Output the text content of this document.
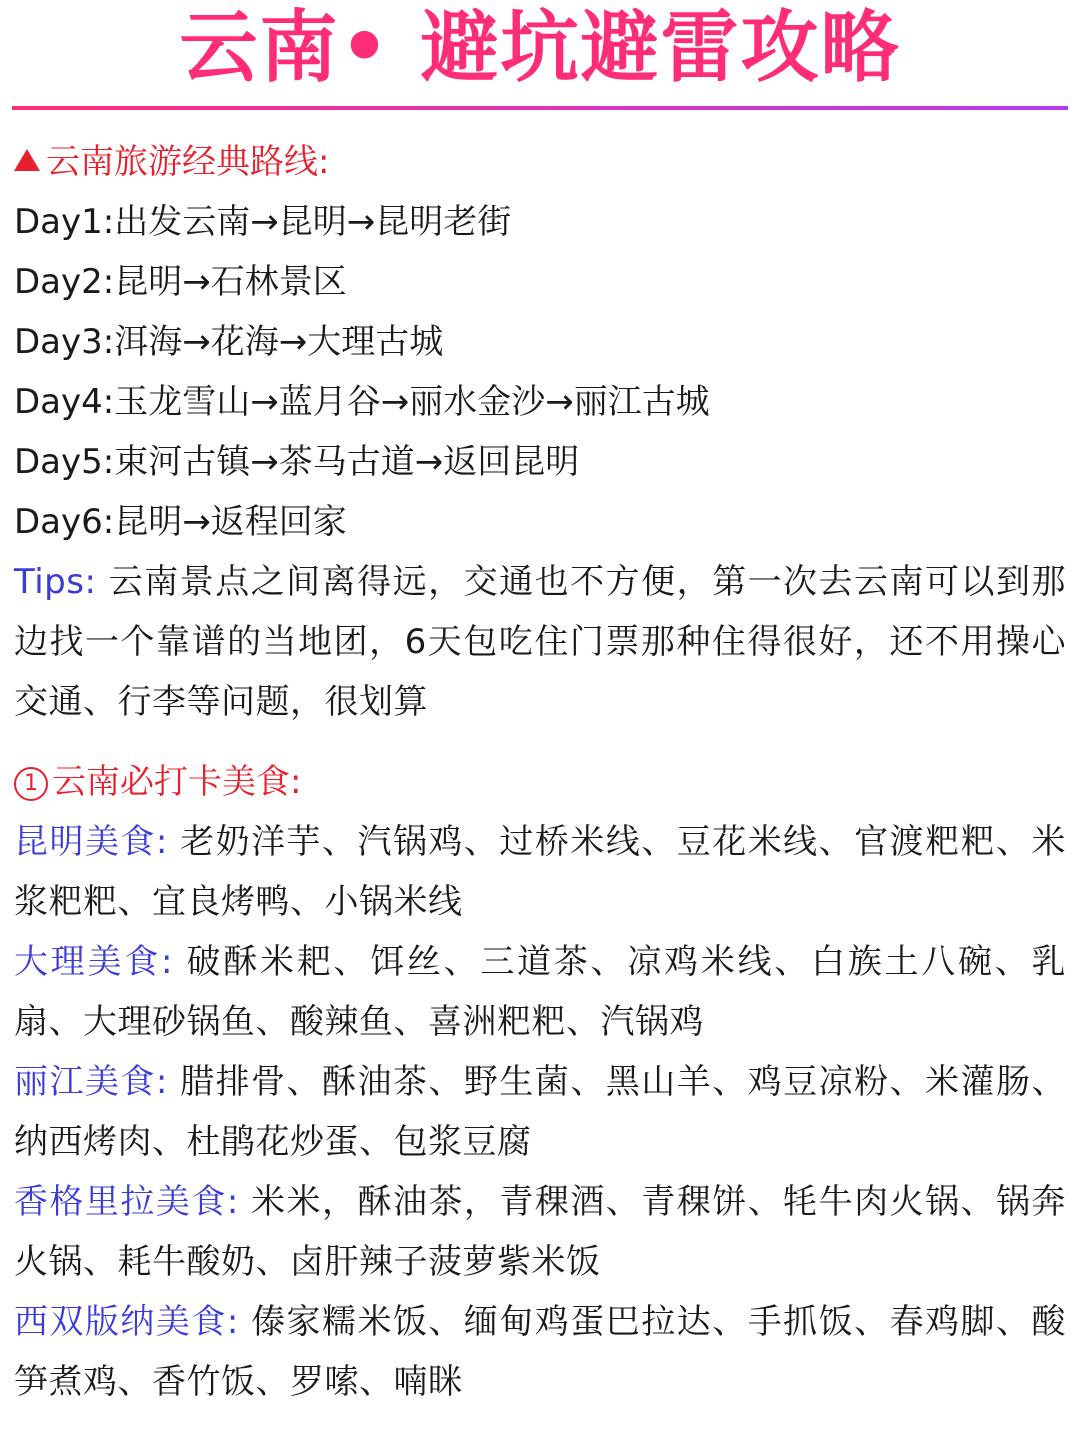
云南• 避坑避雷攻略
云南旅游经典路线:
Day1:出发云南→昆明→昆明老街
Day2:昆明→石林景区
Day3:洱海→花海→大理古城
Day4:玉龙雪山→蓝月谷→丽水金沙→丽江古城
Day5:束河古镇→茶马古道→返回昆明
Day6:昆明→返程回家
Tips: 云南景点之间离得远，交通也不方便，第一次去云南可以到那边找一个靠谱的当地团，6天包吃住门票那种住得很好，还不用操心交通、行李等问题，很划算
1 云南必打卡美食:
昆明美食: 老奶洋芋、汽锅鸡、过桥米线、豆花米线、官渡粑粑、米浆粑粑、宜良烤鸭、小锅米线
大理美食: 破酥米耙、饵丝、三道茶、凉鸡米线、白族土八碗、乳扇、大理砂锅鱼、酸辣鱼、喜洲粑粑、汽锅鸡
丽江美食: 腊排骨、酥油茶、野生菌、黑山羊、鸡豆凉粉、米灌肠、纳西烤肉、杜鹃花炒蛋、包浆豆腐
香格里拉美食: 米米，酥油茶，青稞酒、青稞饼、牦牛肉火锅、锅奔火锅、耗牛酸奶、卤肝辣子菠萝紫米饭
西双版纳美食: 傣家糯米饭、缅甸鸡蛋巴拉达、手抓饭、春鸡脚、酸笋煮鸡、香竹饭、罗嗦、喃眯
